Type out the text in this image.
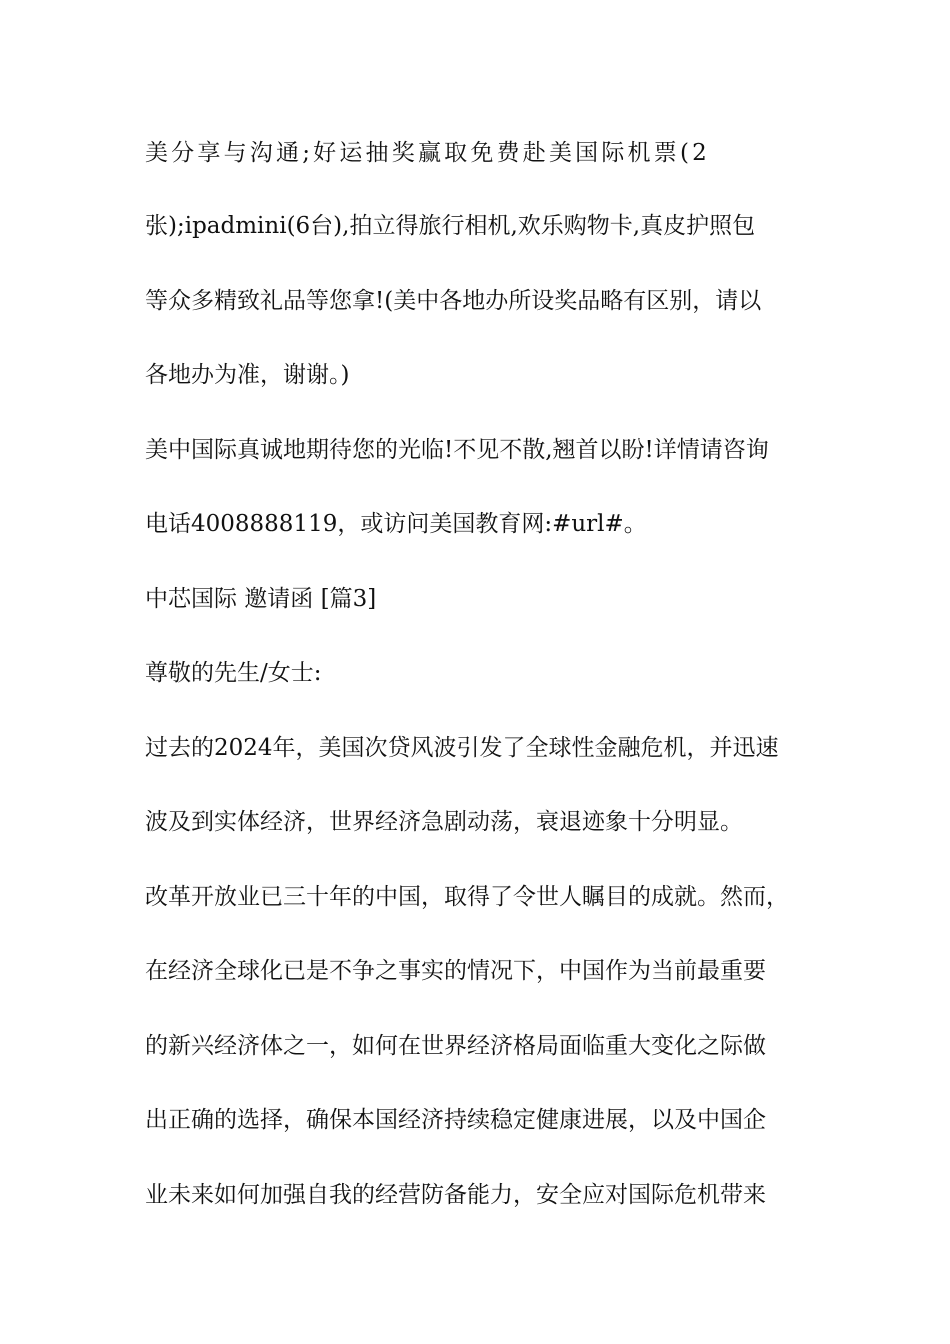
美分享与沟通;好运抽奖赢取免费赴美国际机票(2
张);ipadmini(6台),拍立得旅行相机,欢乐购物卡,真皮护照包
等众多精致礼品等您拿!(美中各地办所设奖品略有区别，请以
各地办为准，谢谢。)
美中国际真诚地期待您的光临!不见不散,翘首以盼!详情请咨询
电话4008888119，或访问美国教育网:#url#。
中芯国际 邀请函 [篇3]
尊敬的先生/女士:
过去的2024年，美国次贷风波引发了全球性金融危机，并迅速
波及到实体经济，世界经济急剧动荡，衰退迹象十分明显。
改革开放业已三十年的中国，取得了令世人瞩目的成就。然而，
在经济全球化已是不争之事实的情况下，中国作为当前最重要
的新兴经济体之一，如何在世界经济格局面临重大变化之际做
出正确的选择，确保本国经济持续稳定健康进展，以及中国企
业未来如何加强自我的经营防备能力，安全应对国际危机带来
